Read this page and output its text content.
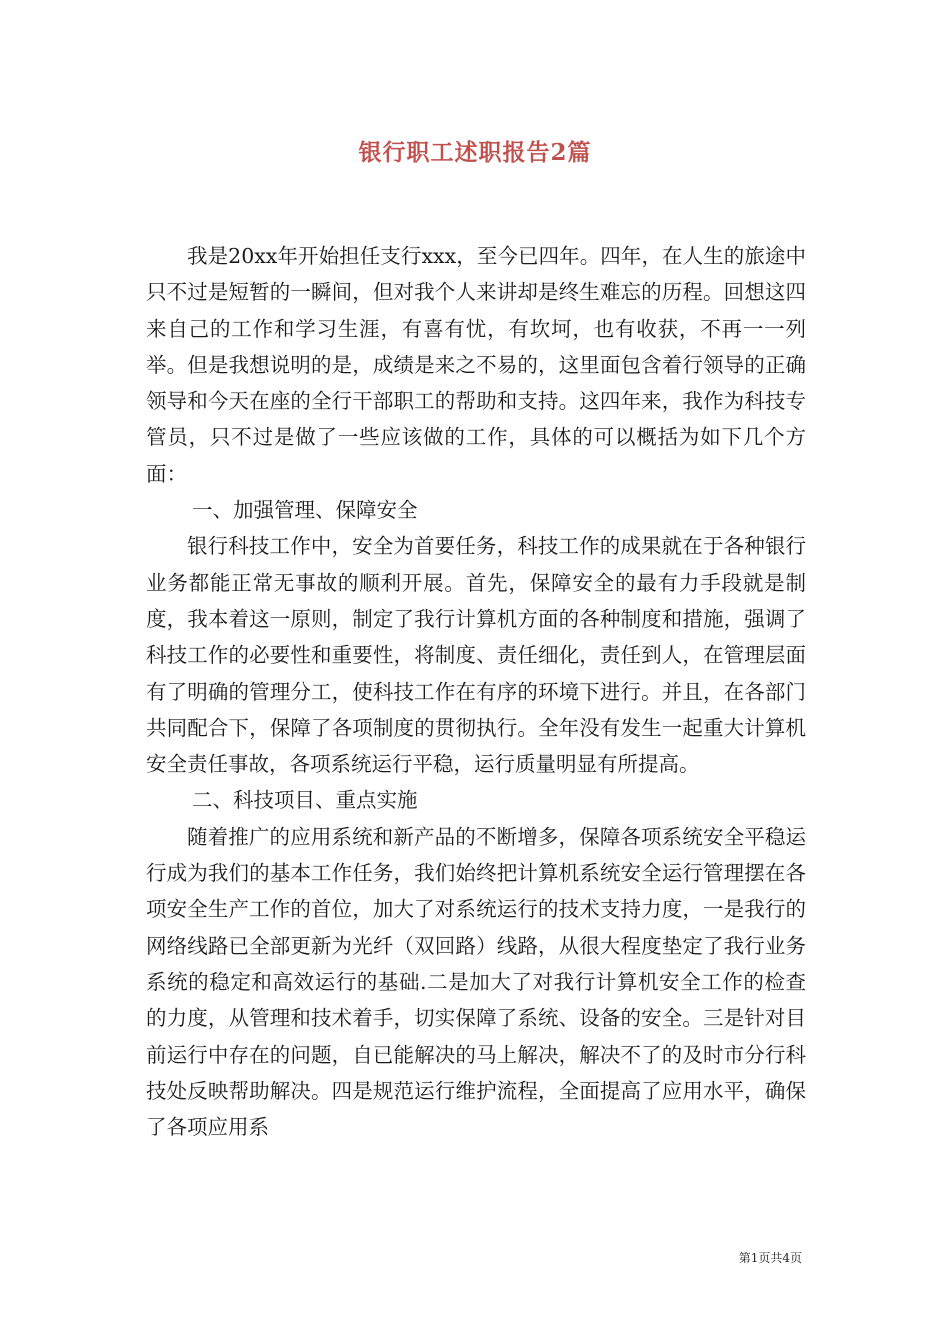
银行职工述职报告2篇

我是20xx年开始担任支行xxx，至今已四年。四年，在人生的旅途中只不过是短暂的一瞬间，但对我个人来讲却是终生难忘的历程。回想这四来自己的工作和学习生涯，有喜有忧，有坎坷，也有收获，不再一一列举。但是我想说明的是，成绩是来之不易的，这里面包含着行领导的正确领导和今天在座的全行干部职工的帮助和支持。这四年来，我作为科技专管员，只不过是做了一些应该做的工作，具体的可以概括为如下几个方面：

一、加强管理、保障安全

银行科技工作中，安全为首要任务，科技工作的成果就在于各种银行业务都能正常无事故的顺利开展。首先，保障安全的最有力手段就是制度，我本着这一原则，制定了我行计算机方面的各种制度和措施，强调了科技工作的必要性和重要性，将制度、责任细化，责任到人，在管理层面有了明确的管理分工，使科技工作在有序的环境下进行。并且，在各部门共同配合下，保障了各项制度的贯彻执行。全年没有发生一起重大计算机安全责任事故，各项系统运行平稳，运行质量明显有所提高。

二、科技项目、重点实施

随着推广的应用系统和新产品的不断增多，保障各项系统安全平稳运行成为我们的基本工作任务，我们始终把计算机系统安全运行管理摆在各项安全生产工作的首位，加大了对系统运行的技术支持力度，一是我行的网络线路已全部更新为光纤（双回路）线路，从很大程度垫定了我行业务系统的稳定和高效运行的基础.二是加大了对我行计算机安全工作的检查的力度，从管理和技术着手，切实保障了系统、设备的安全。三是针对目前运行中存在的问题，自已能解决的马上解决，解决不了的及时市分行科技处反映帮助解决。四是规范运行维护流程，全面提高了应用水平，确保了各项应用系

第1页共4页
